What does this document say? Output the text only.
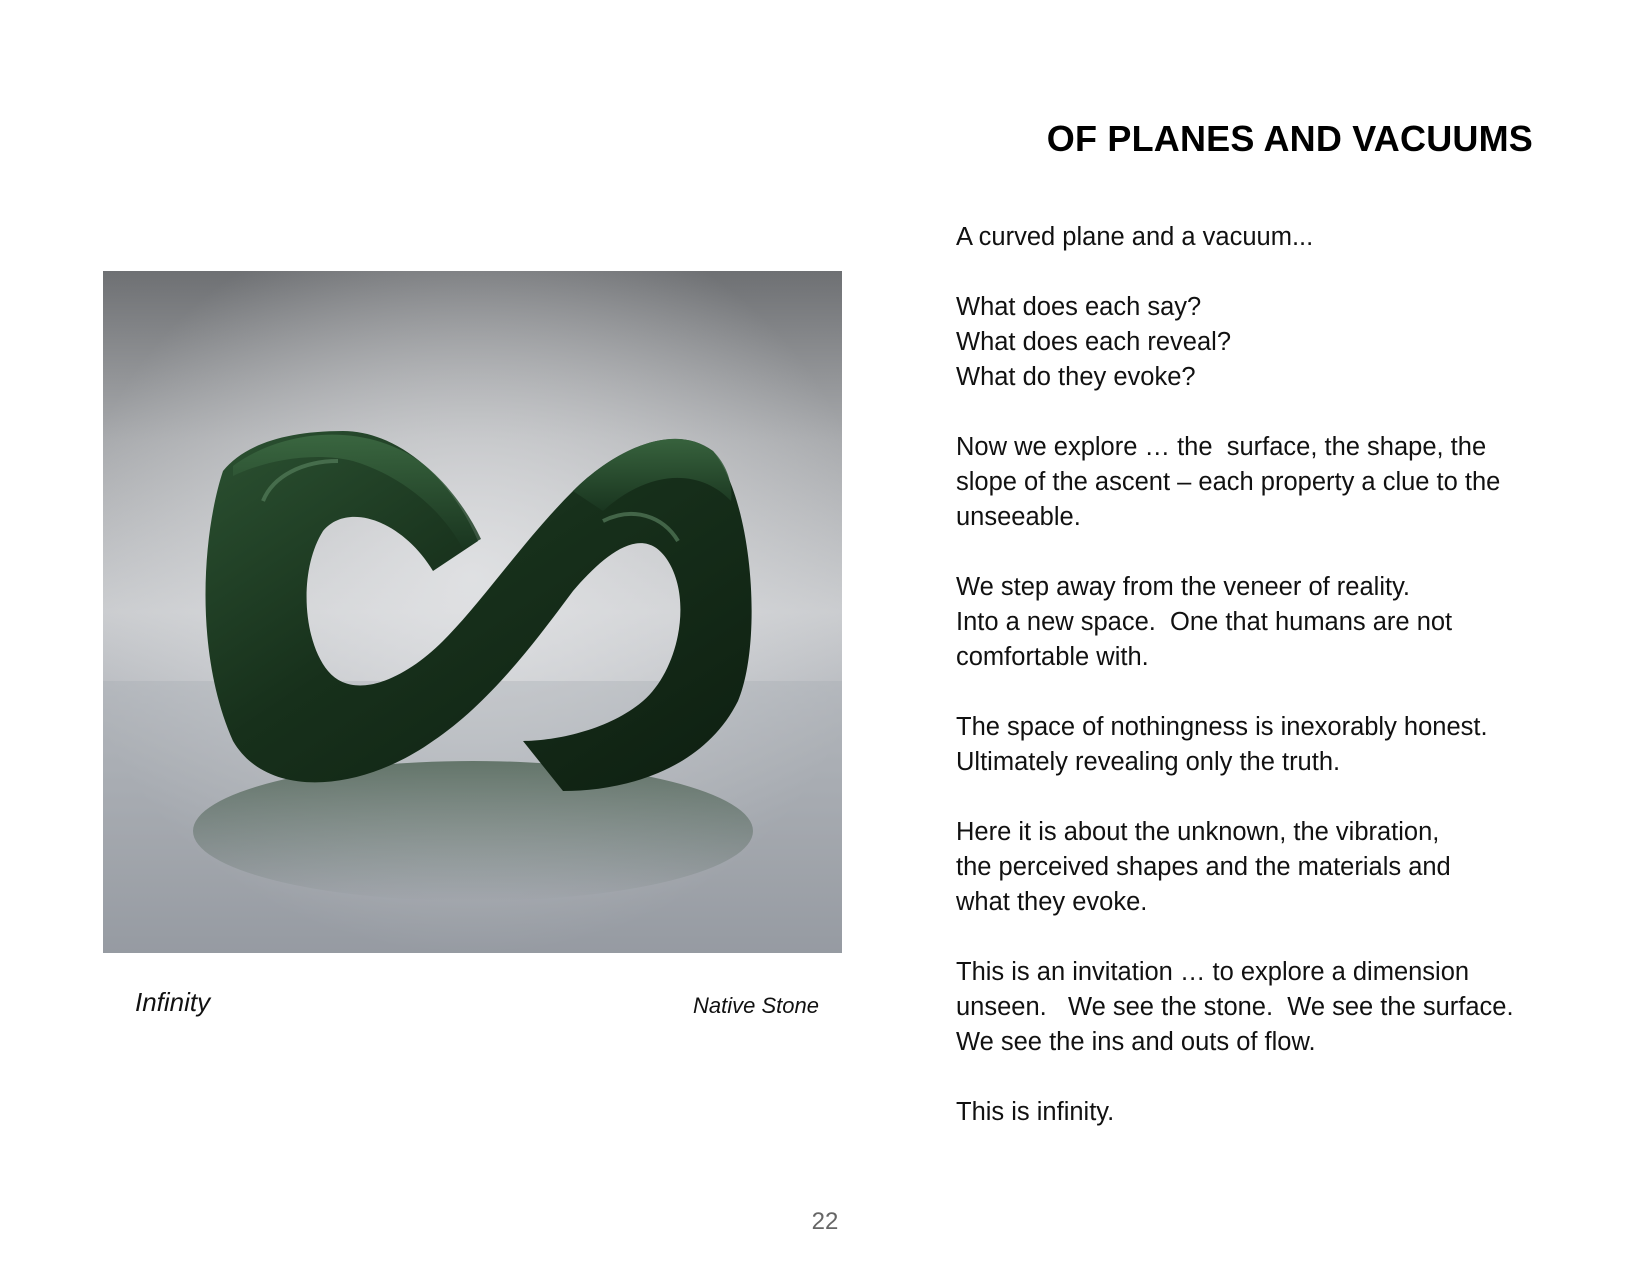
OF PLANES AND VACUUMS
Infinity	Native Stone
A curved plane and a vacuum...
What does each say?
What does each reveal?
What do they evoke?
Now we explore … the  surface, the shape, the
slope of the ascent – each property a clue to the
unseeable.
We step away from the veneer of reality.
Into a new space.  One that humans are not
comfortable with.
The space of nothingness is inexorably honest.
Ultimately revealing only the truth.
Here it is about the unknown, the vibration,
the perceived shapes and the materials and
what they evoke.
This is an invitation … to explore a dimension
unseen.   We see the stone.  We see the surface.
We see the ins and outs of flow.
This is infinity.
22
